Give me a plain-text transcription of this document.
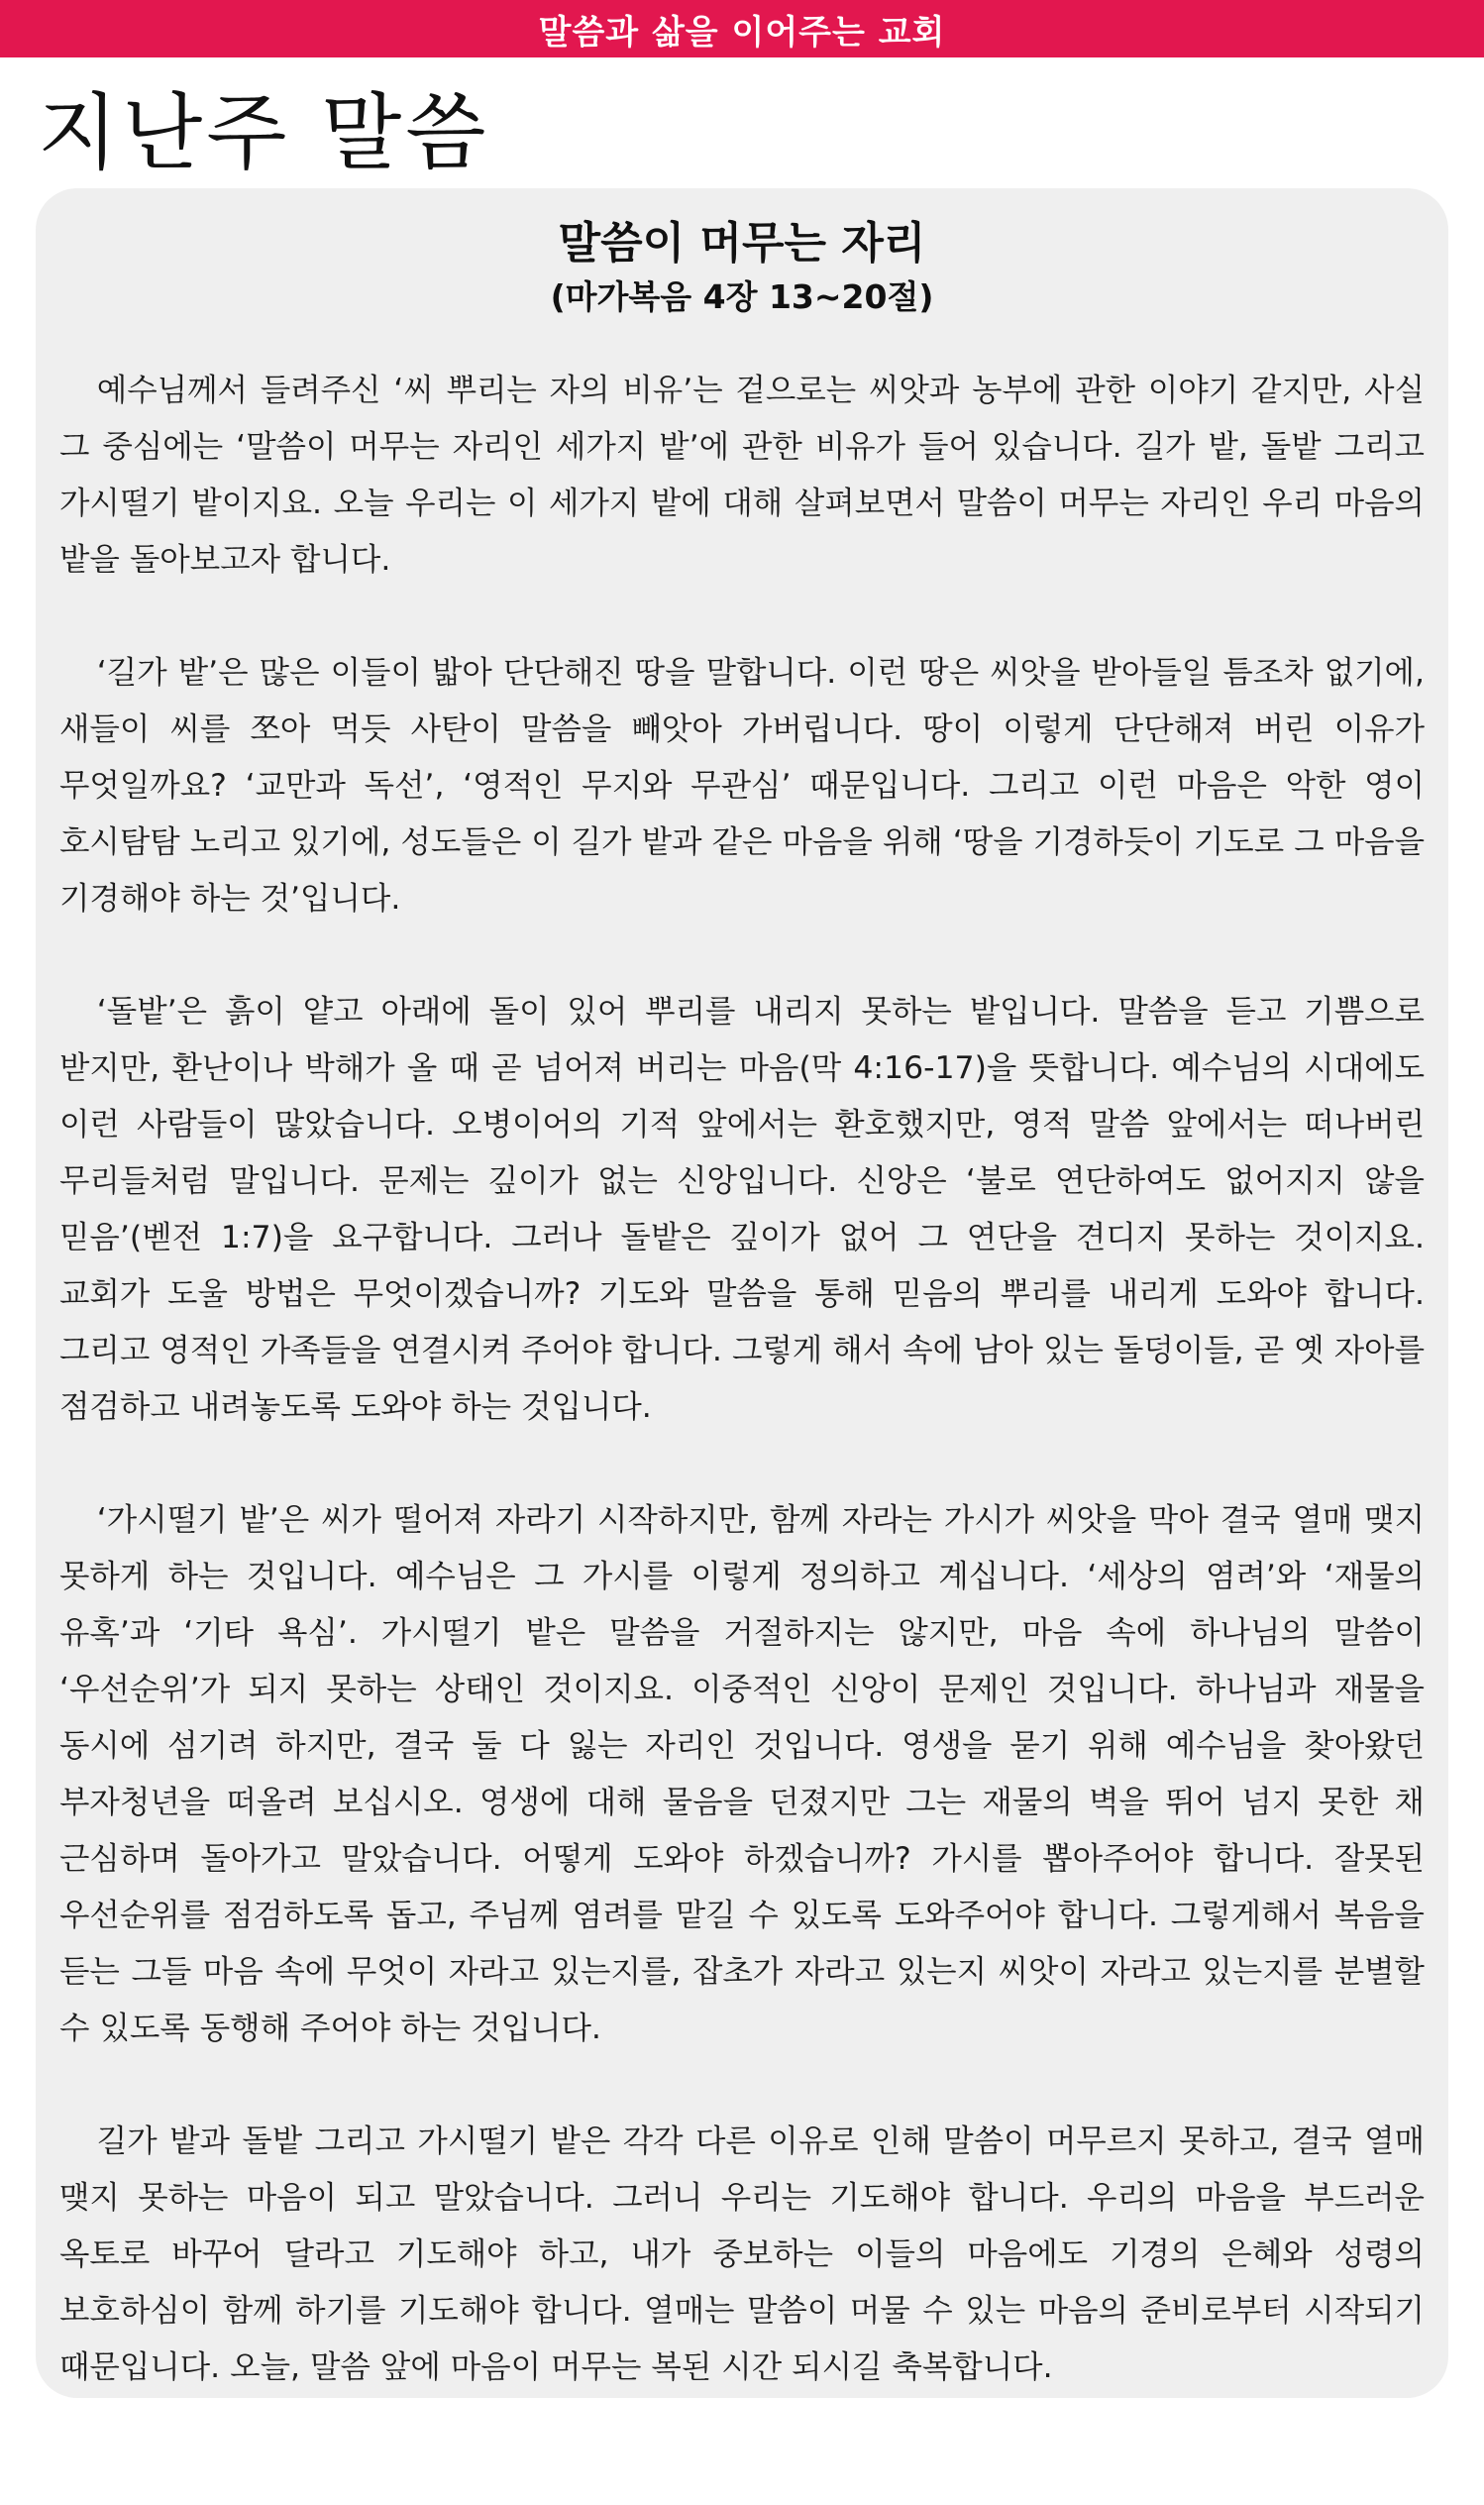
말씀과 삶을 이어주는 교회
지난주 말씀
말씀이 머무는 자리

(마가복음 4장 13~20절)

예수님께서 들려주신 ‘씨 뿌리는 자의 비유’는 겉으로는 씨앗과 농부에 관한 이야기 같지만, 사실 그 중심에는 ‘말씀이 머무는 자리인 세가지 밭’에 관한 비유가 들어 있습니다. 길가 밭, 돌밭 그리고 가시떨기 밭이지요. 오늘 우리는 이 세가지 밭에 대해 살펴보면서 말씀이 머무는 자리인 우리 마음의 밭을 돌아보고자 합니다.

‘길가 밭’은 많은 이들이 밟아 단단해진 땅을 말합니다. 이런 땅은 씨앗을 받아들일 틈조차 없기에, 새들이 씨를 쪼아 먹듯 사탄이 말씀을 빼앗아 가버립니다. 땅이 이렇게 단단해져 버린 이유가 무엇일까요? ‘교만과 독선’, ‘영적인 무지와 무관심’ 때문입니다. 그리고 이런 마음은 악한 영이 호시탐탐 노리고 있기에, 성도들은 이 길가 밭과 같은 마음을 위해 ‘땅을 기경하듯이 기도로 그 마음을 기경해야 하는 것’입니다.

‘돌밭’은 흙이 얕고 아래에 돌이 있어 뿌리를 내리지 못하는 밭입니다. 말씀을 듣고 기쁨으로 받지만, 환난이나 박해가 올 때 곧 넘어져 버리는 마음(막 4:16-17)을 뜻합니다. 예수님의 시대에도 이런 사람들이 많았습니다. 오병이어의 기적 앞에서는 환호했지만, 영적 말씀 앞에서는 떠나버린 무리들처럼 말입니다. 문제는 깊이가 없는 신앙입니다. 신앙은 ‘불로 연단하여도 없어지지 않을 믿음’(벧전 1:7)을 요구합니다. 그러나 돌밭은 깊이가 없어 그 연단을 견디지 못하는 것이지요. 교회가 도울 방법은 무엇이겠습니까? 기도와 말씀을 통해 믿음의 뿌리를 내리게 도와야 합니다. 그리고 영적인 가족들을 연결시켜 주어야 합니다. 그렇게 해서 속에 남아 있는 돌덩이들, 곧 옛 자아를 점검하고 내려놓도록 도와야 하는 것입니다.

‘가시떨기 밭’은 씨가 떨어져 자라기 시작하지만, 함께 자라는 가시가 씨앗을 막아 결국 열매 맺지 못하게 하는 것입니다. 예수님은 그 가시를 이렇게 정의하고 계십니다. ‘세상의 염려’와 ‘재물의 유혹’과 ‘기타 욕심’. 가시떨기 밭은 말씀을 거절하지는 않지만, 마음 속에 하나님의 말씀이 ‘우선순위’가 되지 못하는 상태인 것이지요. 이중적인 신앙이 문제인 것입니다. 하나님과 재물을 동시에 섬기려 하지만, 결국 둘 다 잃는 자리인 것입니다. 영생을 묻기 위해 예수님을 찾아왔던 부자청년을 떠올려 보십시오. 영생에 대해 물음을 던졌지만 그는 재물의 벽을 뛰어 넘지 못한 채 근심하며 돌아가고 말았습니다. 어떻게 도와야 하겠습니까? 가시를 뽑아주어야 합니다. 잘못된 우선순위를 점검하도록 돕고, 주님께 염려를 맡길 수 있도록 도와주어야 합니다. 그렇게해서 복음을 듣는 그들 마음 속에 무엇이 자라고 있는지를, 잡초가 자라고 있는지 씨앗이 자라고 있는지를 분별할 수 있도록 동행해 주어야 하는 것입니다.

길가 밭과 돌밭 그리고 가시떨기 밭은 각각 다른 이유로 인해 말씀이 머무르지 못하고, 결국 열매 맺지 못하는 마음이 되고 말았습니다. 그러니 우리는 기도해야 합니다. 우리의 마음을 부드러운 옥토로 바꾸어 달라고 기도해야 하고, 내가 중보하는 이들의 마음에도 기경의 은혜와 성령의 보호하심이 함께 하기를 기도해야 합니다. 열매는 말씀이 머물 수 있는 마음의 준비로부터 시작되기 때문입니다. 오늘, 말씀 앞에 마음이 머무는 복된 시간 되시길 축복합니다.
